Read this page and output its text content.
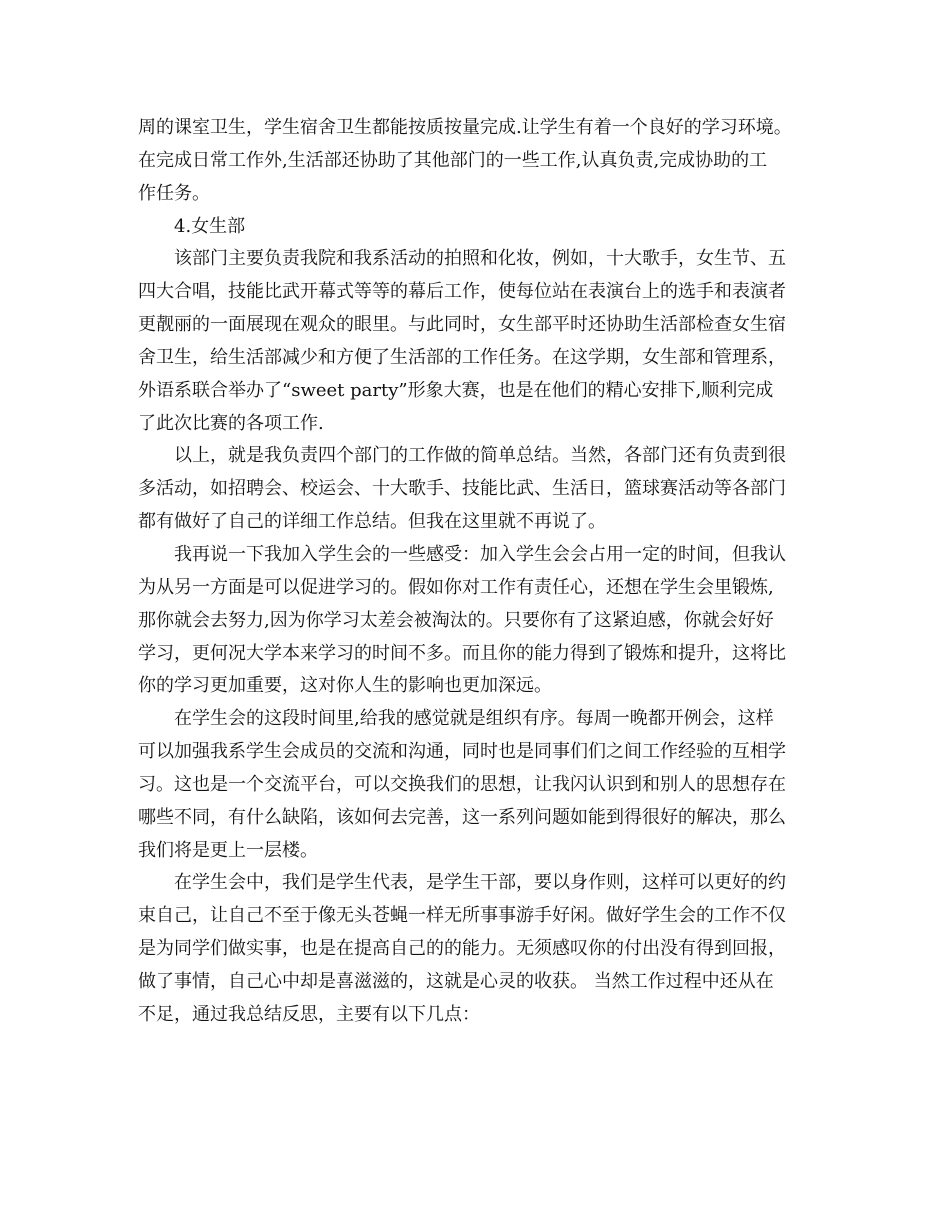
周的课室卫生，学生宿舍卫生都能按质按量完成.让学生有着一个良好的学习环境。
在完成日常工作外,生活部还协助了其他部门的一些工作,认真负责,完成协助的工
作任务。
4.女生部
该部门主要负责我院和我系活动的拍照和化妆，例如，十大歌手，女生节、五
四大合唱，技能比武开幕式等等的幕后工作，使每位站在表演台上的选手和表演者
更靓丽的一面展现在观众的眼里。与此同时，女生部平时还协助生活部检查女生宿
舍卫生，给生活部减少和方便了生活部的工作任务。在这学期，女生部和管理系，
外语系联合举办了“sweet party”形象大赛，也是在他们的精心安排下,顺利完成
了此次比赛的各项工作.
以上，就是我负责四个部门的工作做的简单总结。当然，各部门还有负责到很
多活动，如招聘会、校运会、十大歌手、技能比武、生活日，篮球赛活动等各部门
都有做好了自己的详细工作总结。但我在这里就不再说了。
我再说一下我加入学生会的一些感受：加入学生会会占用一定的时间，但我认
为从另一方面是可以促进学习的。假如你对工作有责任心，还想在学生会里锻炼,
那你就会去努力,因为你学习太差会被淘汰的。只要你有了这紧迫感，你就会好好
学习，更何况大学本来学习的时间不多。而且你的能力得到了锻炼和提升，这将比
你的学习更加重要，这对你人生的影响也更加深远。
在学生会的这段时间里,给我的感觉就是组织有序。每周一晚都开例会，这样
可以加强我系学生会成员的交流和沟通，同时也是同事们们之间工作经验的互相学
习。这也是一个交流平台，可以交换我们的思想，让我闪认识到和别人的思想存在
哪些不同，有什么缺陷，该如何去完善，这一系列问题如能到得很好的解决，那么
我们将是更上一层楼。
在学生会中，我们是学生代表，是学生干部，要以身作则，这样可以更好的约
束自己，让自己不至于像无头苍蝇一样无所事事游手好闲。做好学生会的工作不仅
是为同学们做实事，也是在提高自己的的能力。无须感叹你的付出没有得到回报，
做了事情，自己心中却是喜滋滋的，这就是心灵的收获。 当然工作过程中还从在
不足，通过我总结反思，主要有以下几点：
